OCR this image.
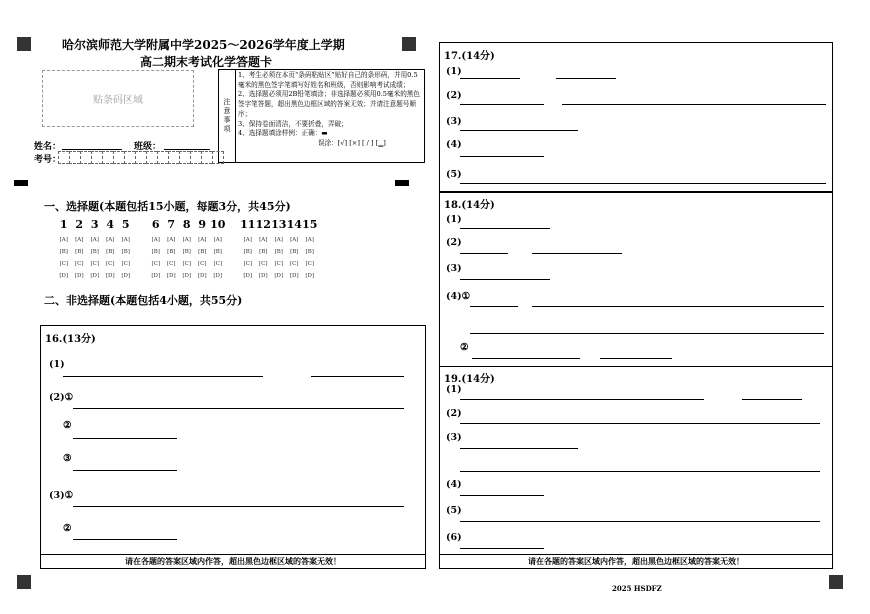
哈尔滨师范大学附属中学2025～2026学年度上学期
高二期末考试化学答题卡
贴条码区域	注意事项
1、考生必须在本页“条码粘贴区”贴好自己的条形码，并用0.5毫米的黑色签字笔填写好姓名和班级，否则影响考试成绩；
2、选择题必须用2B铅笔填涂；非选择题必须用0.5毫米的黑色签字笔答题，超出黑色边框区域的答案无效；并请注意题号顺序；
3、保持卷面清洁，不要折叠，弄破；
4、选择题填涂样例：正确：▬
误涂：[√] [×] [ / ] [▁]
姓名：	班级：
考号：
一、选择题(本题包括15小题，每题3分，共45分)
1 2 3 4 5
[A]	[A]	[A]	[A]	[A]
[B]	[B]	[B]	[B]	[B]
[C]	[C]	[C]	[C]	[C]
[D]	[D]	[D]	[D]	[D]
6 7 8 9 10
[A]	[A]	[A]	[A]	[A]
[B]	[B]	[B]	[B]	[B]
[C]	[C]	[C]	[C]	[C]
[D]	[D]	[D]	[D]	[D]
11 12 13 14 15
[A]	[A]	[A]	[A]	[A]
[B]	[B]	[B]	[B]	[B]
[C]	[C]	[C]	[C]	[C]
[D]	[D]	[D]	[D]	[D]
二、非选择题(本题包括4小题，共55分)
16.(13分)
(1)
(2)①
②
③
(3)①
②
请在各题的答案区域内作答，超出黑色边框区域的答案无效！
17.(14分)
(1)
(2)
(3)
(4)
(5)
18.(14分)
(1)
(2)
(3)
(4)①
②
19.(14分)
(1)
(2)
(3)
(4)
(5)
(6)
请在各题的答案区域内作答，超出黑色边框区域的答案无效！
2025 HSDFZ
